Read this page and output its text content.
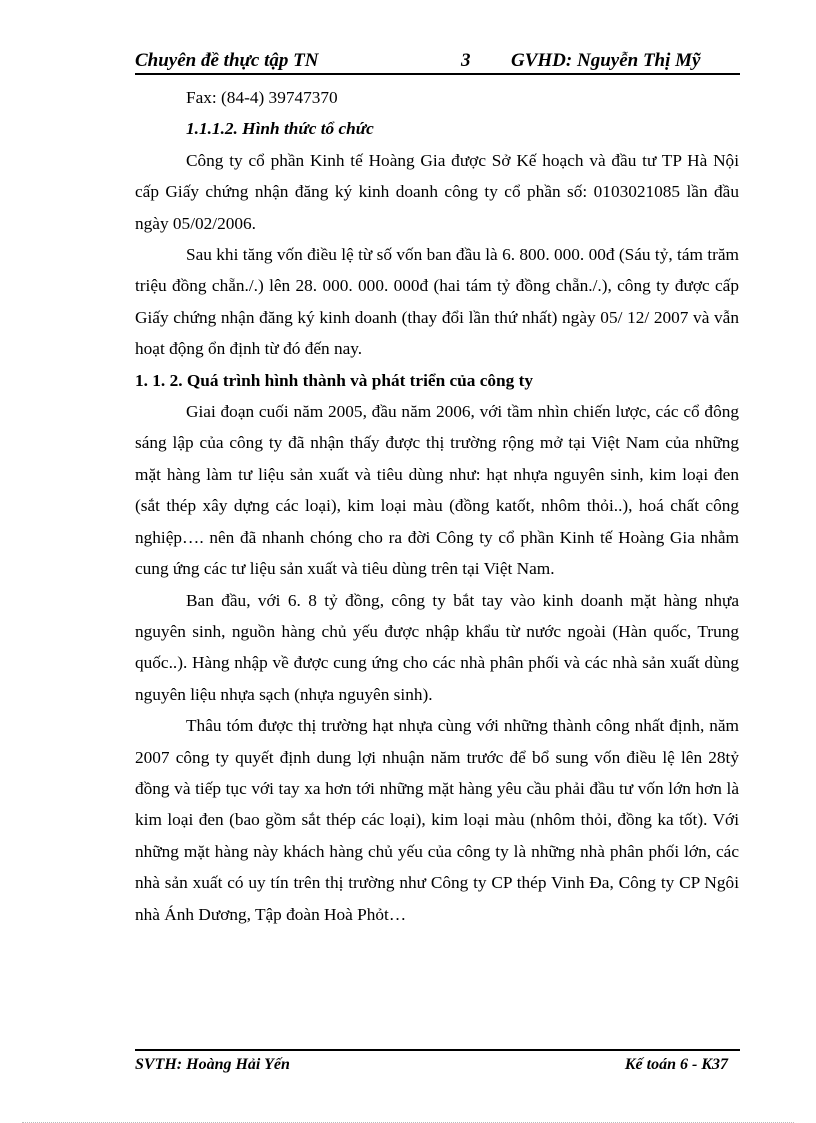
Chuyên đề thực tập TN	3 GVHD: Nguyễn Thị Mỹ

Fax: (84-4) 39747370

1.1.1.2. Hình thức tổ chức

Công ty cổ phần Kinh tế Hoàng Gia được Sở Kế hoạch và đầu tư TP Hà Nội cấp Giấy chứng nhận đăng ký kinh doanh công ty cổ phần số: 0103021085 lần đầu ngày 05/02/2006.

Sau khi tăng vốn điều lệ từ số vốn ban đầu là 6. 800. 000. 00đ (Sáu tỷ, tám trăm triệu đồng chẵn./.) lên 28. 000. 000. 000đ (hai tám tỷ đồng chẵn./.), công ty được cấp Giấy chứng nhận đăng ký kinh doanh (thay đổi lần thứ nhất) ngày 05/ 12/ 2007 và vẫn hoạt động ổn định từ đó đến nay.

1. 1. 2. Quá trình hình thành và phát triển của công ty

Giai đoạn cuối năm 2005, đầu năm 2006, với tầm nhìn chiến lược, các cổ đông sáng lập của công ty đã nhận thấy được thị trường rộng mở tại Việt Nam của những mặt hàng làm tư liệu sản xuất và tiêu dùng như: hạt nhựa nguyên sinh, kim loại đen (sắt thép xây dựng các loại), kim loại màu (đồng katốt, nhôm thỏi..), hoá chất công nghiệp…. nên đã nhanh chóng cho ra đời Công ty cổ phần Kinh tế Hoàng Gia nhằm cung ứng các tư liệu sản xuất và tiêu dùng trên tại Việt Nam.

Ban đầu, với 6. 8 tỷ đồng, công ty bắt tay vào kinh doanh mặt hàng nhựa nguyên sinh, nguồn hàng chủ yếu được nhập khẩu từ nước ngoài (Hàn quốc, Trung quốc..). Hàng nhập về được cung ứng cho các nhà phân phối và các nhà sản xuất dùng nguyên liệu nhựa sạch (nhựa nguyên sinh).

Thâu tóm được thị trường hạt nhựa cùng với những thành công nhất định, năm 2007 công ty quyết định dung lợi nhuận năm trước để bổ sung vốn điều lệ lên 28tỷ đồng và tiếp tục với tay xa hơn tới những mặt hàng yêu cầu phải đầu tư vốn lớn hơn là kim loại đen (bao gồm sắt thép các loại), kim loại màu (nhôm thỏi, đồng ka tốt). Với những mặt hàng này khách hàng chủ yếu của công ty là những nhà phân phối lớn, các nhà sản xuất có uy tín trên thị trường như Công ty CP thép Vinh Đa, Công ty CP Ngôi nhà Ánh Dương, Tập đoàn Hoà Phỏt…

SVTH: Hoàng Hải Yến	Kế toán 6 - K37
